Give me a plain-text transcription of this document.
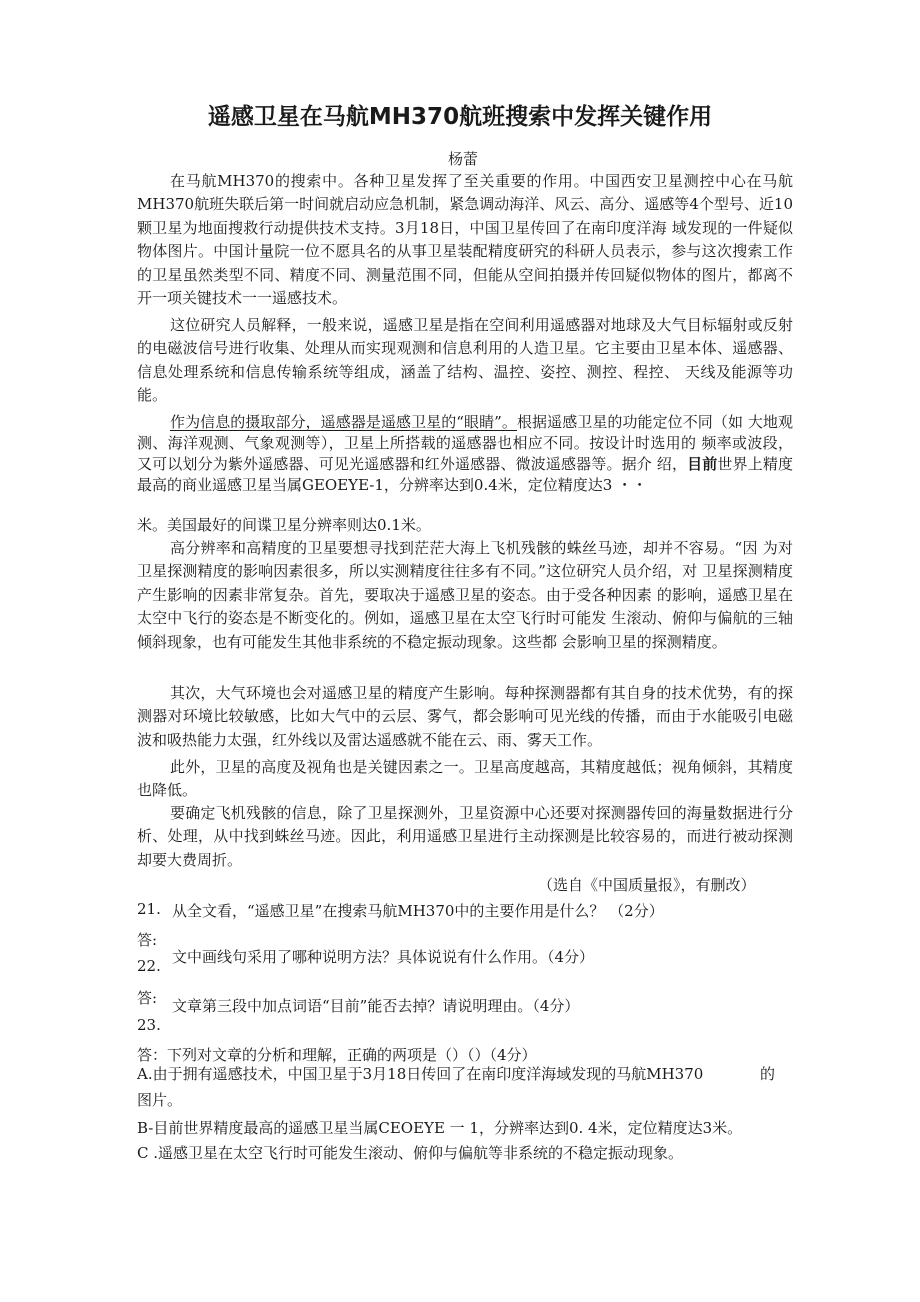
遥感卫星在马航MH370航班搜索中发挥关键作用
杨蕾

在马航MH370的搜索中。各种卫星发挥了至关重要的作用。中国西安卫星测控中心在马航MH370航班失联后第一时间就启动应急机制，紧急调动海洋、风云、高分、遥感等4个型号、近10颗卫星为地面搜救行动提供技术支持。3月18日，中国卫星传回了在南印度洋海 域发现的一件疑似物体图片。中国计量院一位不愿具名的从事卫星装配精度研究的科研人员表示，参与这次搜索工作的卫星虽然类型不同、精度不同、测量范围不同，但能从空间拍摄并传回疑似物体的图片，都离不开一项关键技术一一遥感技术。

这位研究人员解释，一般来说，遥感卫星是指在空间利用遥感器对地球及大气目标辐射或反射的电磁波信号进行收集、处理从而实现观测和信息利用的人造卫星。它主要由卫星本体、遥感器、信息处理系统和信息传输系统等组成，涵盖了结构、温控、姿控、测控、程控、 天线及能源等功能。

作为信息的摄取部分，遥感器是遥感卫星的“眼睛”。根据遥感卫星的功能定位不同（如 大地观测、海洋观测、气象观测等），卫星上所搭载的遥感器也相应不同。按设计时选用的 频率或波段，又可以划分为紫外遥感器、可见光遥感器和红外遥感器、微波遥感器等。据介 绍，目前世界上精度最高的商业遥感卫星当属GEOEYE-1，分辨率达到0.4米，定位精度达3 ・・

米。美国最好的间谍卫星分辨率则达0.1米。

高分辨率和高精度的卫星要想寻找到茫茫大海上飞机残骸的蛛丝马迹，却并不容易。“因 为对卫星探测精度的影响因素很多，所以实测精度往往多有不同。”这位研究人员介绍，对 卫星探测精度产生影响的因素非常复杂。首先，要取决于遥感卫星的姿态。由于受各种因素 的影响，遥感卫星在太空中飞行的姿态是不断变化的。例如，遥感卫星在太空飞行时可能发 生滚动、俯仰与偏航的三轴倾斜现象，也有可能发生其他非系统的不稳定振动现象。这些都 会影响卫星的探测精度。

其次，大气环境也会对遥感卫星的精度产生影响。每种探测器都有其自身的技术优势，有的探测器对环境比较敏感，比如大气中的云层、雾气，都会影响可见光线的传播，而由于水能吸引电磁波和吸热能力太强，红外线以及雷达遥感就不能在云、雨、雾天工作。

此外，卫星的高度及视角也是关键因素之一。卫星高度越高，其精度越低；视角倾斜，其精度也降低。

要确定飞机残骸的信息，除了卫星探测外，卫星资源中心还要对探测器传回的海量数据进行分析、处理，从中找到蛛丝马迹。因此，利用遥感卫星进行主动探测是比较容易的，而进行被动探测却要大费周折。

（选自《中国质量报》，有删改）
21. 从全文看，“遥感卫星”在搜索马航MH370中的主要作用是什么？ （2分）
答:
文中画线句采用了哪种说明方法？具体说说有什么作用。（4分）
22.
答: 文章第三段中加点词语“目前”能否去掉？请说明理由。（4分）
23.
答：下列对文章的分析和理解，正确的两项是（）（）（4分）
A.由于拥有遥感技术，中国卫星于3月18日传回了在南印度洋海域发现的马航MH370	的
图片。
B-目前世界精度最高的遥感卫星当属CEOEYE 一 1，分辨率达到0. 4米，定位精度达3米。
C .遥感卫星在太空飞行时可能发生滚动、俯仰与偏航等非系统的不稳定振动现象。
